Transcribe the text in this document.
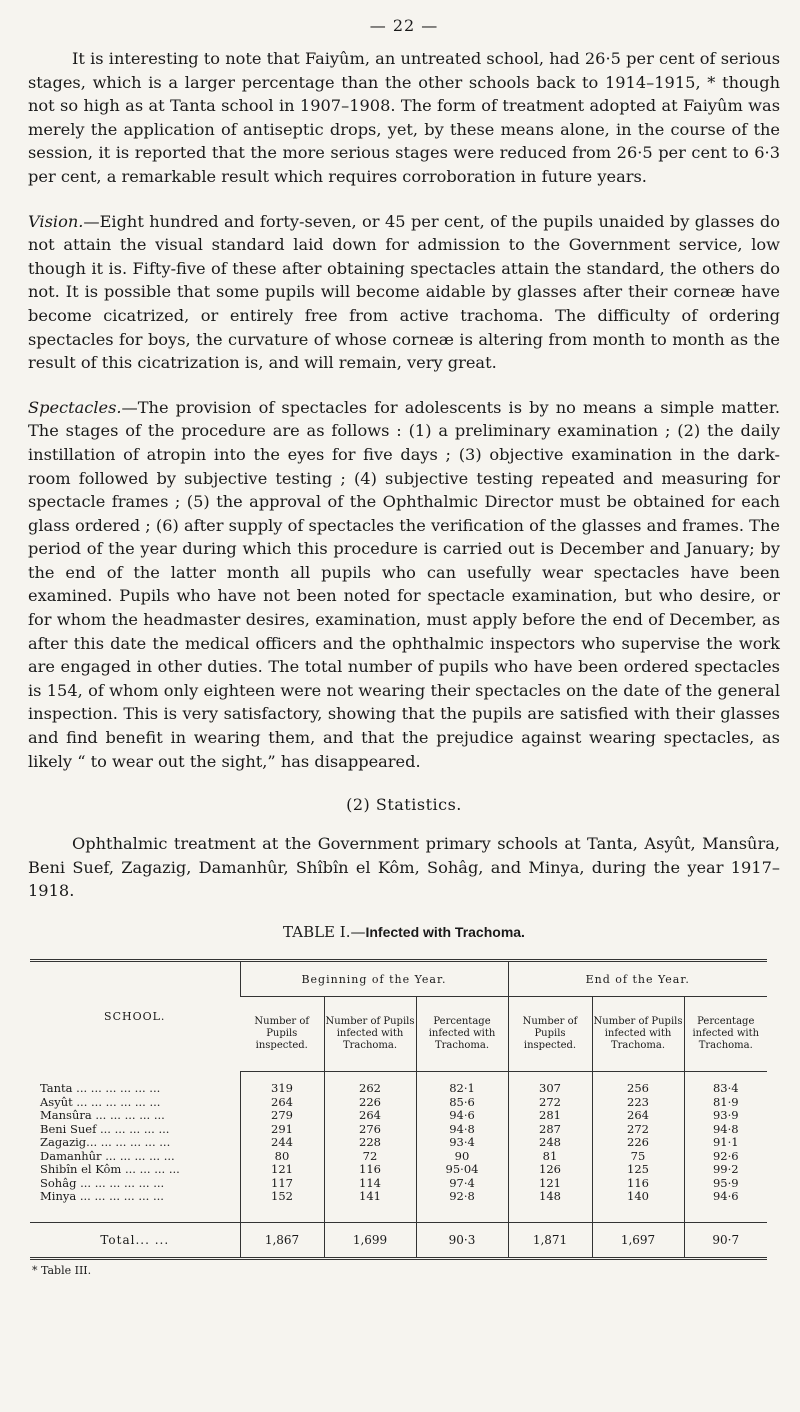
— 22 —

It is interesting to note that Faiyûm, an untreated school, had 26·5 per cent of serious stages, which is a larger percentage than the other schools back to 1914–1915, * though not so high as at Tanta school in 1907–1908. The form of treatment adopted at Faiyûm was merely the application of antiseptic drops, yet, by these means alone, in the course of the session, it is reported that the more serious stages were reduced from 26·5 per cent to 6·3 per cent, a remarkable result which requires corroboration in future years.

Vision.—Eight hundred and forty-seven, or 45 per cent, of the pupils unaided by glasses do not attain the visual standard laid down for admission to the Government service, low though it is. Fifty-five of these after obtaining spectacles attain the standard, the others do not. It is possible that some pupils will become aidable by glasses after their corneæ have become cicatrized, or entirely free from active trachoma. The difficulty of ordering spectacles for boys, the curvature of whose corneæ is altering from month to month as the result of this cicatrization is, and will remain, very great.

Spectacles.—The provision of spectacles for adolescents is by no means a simple matter. The stages of the procedure are as follows : (1) a preliminary examination ; (2) the daily instillation of atropin into the eyes for five days ; (3) objective examination in the dark-room followed by subjective testing ; (4) subjective testing repeated and measuring for spectacle frames ; (5) the approval of the Ophthalmic Director must be obtained for each glass ordered ; (6) after supply of spectacles the verification of the glasses and frames. The period of the year during which this procedure is carried out is December and January; by the end of the latter month all pupils who can usefully wear spectacles have been examined. Pupils who have not been noted for spectacle examination, but who desire, or for whom the headmaster desires, examination, must apply before the end of December, as after this date the medical officers and the ophthalmic inspectors who supervise the work are engaged in other duties. The total number of pupils who have been ordered spectacles is 154, of whom only eighteen were not wearing their spectacles on the date of the general inspection. This is very satisfactory, showing that the pupils are satisfied with their glasses and find benefit in wearing them, and that the prejudice against wearing spectacles, as likely “ to wear out the sight,” has disappeared.

(2) Statistics.

Ophthalmic treatment at the Government primary schools at Tanta, Asyût, Mansûra, Beni Suef, Zagazig, Damanhûr, Shîbîn el Kôm, Sohâg, and Minya, during the year 1917–1918.

TABLE I.—Infected with Trachoma.
SCHOOL.	Beginning of the Year.			End of the Year.		
	Number of Pupils inspected.	Number of Pupils infected with Trachoma.	Percentage infected with Trachoma.	Number of Pupils inspected.	Number of Pupils infected with Trachoma.	Percentage infected with Trachoma.
Tanta ... ... ... ... ... ...	319	262	82·1	307	256	83·4
Asyût ... ... ... ... ... ...	264	226	85·6	272	223	81·9
Mansûra ... ... ... ... ...	279	264	94·6	281	264	93·9
Beni Suef ... ... ... ... ...	291	276	94·8	287	272	94·8
Zagazig... ... ... ... ... ...	244	228	93·4	248	226	91·1
Damanhûr ... ... ... ... ...	80	72	90	81	75	92·6
Shibîn el Kôm ... ... ... ...	121	116	95·04	126	125	99·2
Sohâg ... ... ... ... ... ...	117	114	97·4	121	116	95·9
Minya ... ... ... ... ... ...	152	141	92·8	148	140	94·6
Total... ...	1,867	1,699	90·3	1,871	1,697	90·7
* Table III.
